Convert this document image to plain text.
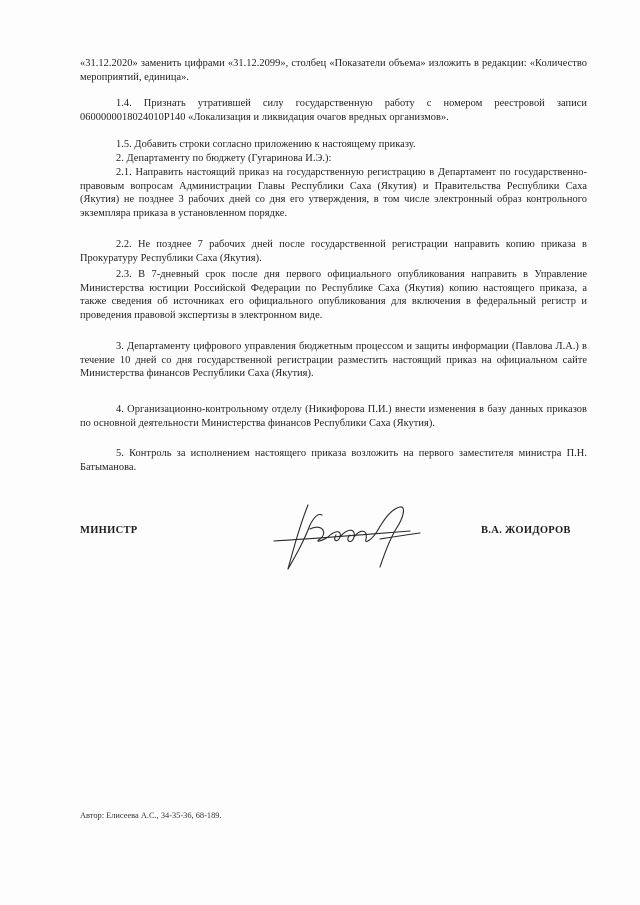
«31.12.2020» заменить цифрами «31.12.2099», столбец «Показатели объема» изложить в редакции: «Количество мероприятий, единица».

1.4. Признать утратившей силу государственную работу с номером реестровой записи 0600000018024010P140 «Локализация и ликвидация очагов вредных организмов».

1.5. Добавить строки согласно приложению к настоящему приказу.

2. Департаменту по бюджету (Гугаринова И.Э.):

2.1. Направить настоящий приказ на государственную регистрацию в Департамент по государственно-правовым вопросам Администрации Главы Республики Саха (Якутия) и Правительства Республики Саха (Якутия) не позднее 3 рабочих дней со дня его утверждения, в том числе электронный образ контрольного экземпляра приказа в установленном порядке.

2.2. Не позднее 7 рабочих дней после государственной регистрации направить копию приказа в Прокуратуру Республики Саха (Якутия).

2.3. В 7-дневный срок после дня первого официального опубликования направить в Управление Министерства юстиции Российской Федерации по Республике Саха (Якутия) копию настоящего приказа, а также сведения об источниках его официального опубликования для включения в федеральный регистр и проведения правовой экспертизы в электронном виде.

3. Департаменту цифрового управления бюджетным процессом и защиты информации (Павлова Л.А.) в течение 10 дней со дня государственной регистрации разместить настоящий приказ на официальном сайте Министерства финансов Республики Саха (Якутия).

4. Организационно-контрольному отделу (Никифорова П.И.) внести изменения в базу данных приказов по основной деятельности Министерства финансов Республики Саха (Якутия).

5. Контроль за исполнением настоящего приказа возложить на первого заместителя министра П.Н. Батыманова.

МИНИСТР	В.А. ЖОИДОРОВ
Автор: Елисеева А.С., 34-35-36, 68-189.
